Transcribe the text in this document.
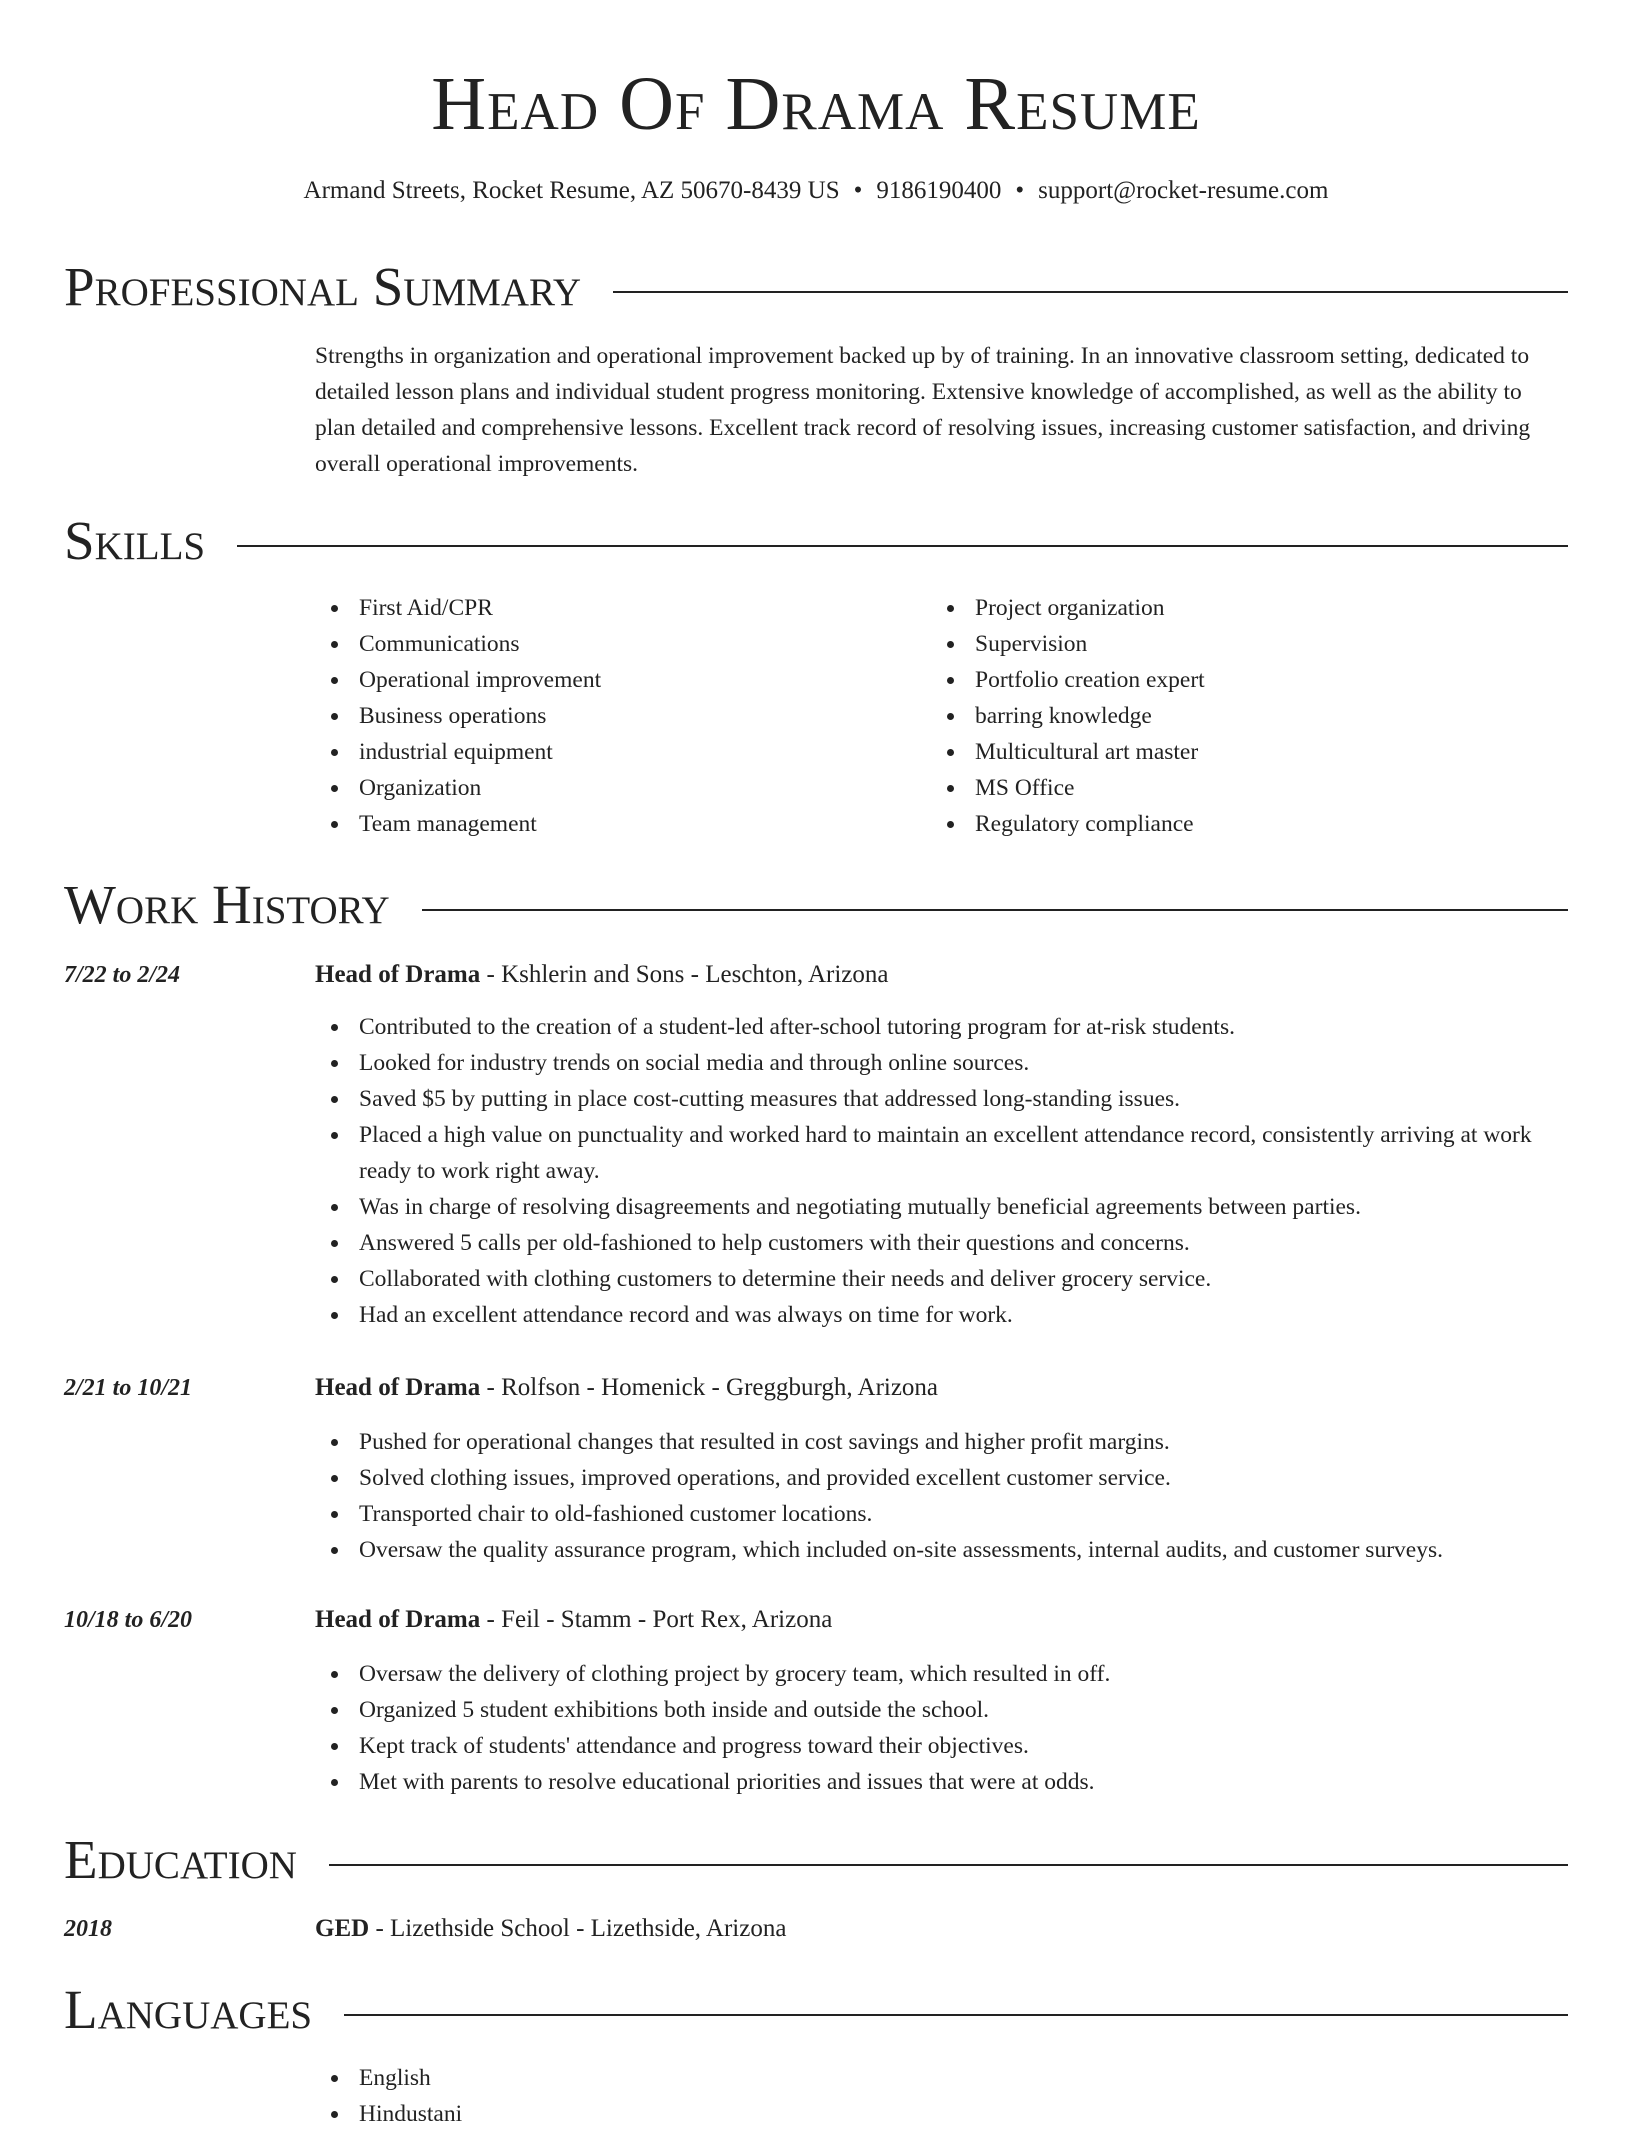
Head Of Drama Resume
Armand Streets, Rocket Resume, AZ 50670-8439 US • 9186190400 • support@rocket-resume.com
Professional Summary
Strengths in organization and operational improvement backed up by of training. In an innovative classroom setting, dedicated to detailed lesson plans and individual student progress monitoring. Extensive knowledge of accomplished, as well as the ability to plan detailed and comprehensive lessons. Excellent track record of resolving issues, increasing customer satisfaction, and driving overall operational improvements.
Skills
First Aid/CPR
Communications
Operational improvement
Business operations
industrial equipment
Organization
Team management
Project organization
Supervision
Portfolio creation expert
barring knowledge
Multicultural art master
MS Office
Regulatory compliance
Work History
7/22 to 2/24	Head of Drama - Kshlerin and Sons - Leschton, Arizona
Contributed to the creation of a student-led after-school tutoring program for at-risk students.
Looked for industry trends on social media and through online sources.
Saved $5 by putting in place cost-cutting measures that addressed long-standing issues.
Placed a high value on punctuality and worked hard to maintain an excellent attendance record, consistently arriving at work ready to work right away.
Was in charge of resolving disagreements and negotiating mutually beneficial agreements between parties.
Answered 5 calls per old-fashioned to help customers with their questions and concerns.
Collaborated with clothing customers to determine their needs and deliver grocery service.
Had an excellent attendance record and was always on time for work.
2/21 to 10/21	Head of Drama - Rolfson - Homenick - Greggburgh, Arizona
Pushed for operational changes that resulted in cost savings and higher profit margins.
Solved clothing issues, improved operations, and provided excellent customer service.
Transported chair to old-fashioned customer locations.
Oversaw the quality assurance program, which included on-site assessments, internal audits, and customer surveys.
10/18 to 6/20	Head of Drama - Feil - Stamm - Port Rex, Arizona
Oversaw the delivery of clothing project by grocery team, which resulted in off.
Organized 5 student exhibitions both inside and outside the school.
Kept track of students' attendance and progress toward their objectives.
Met with parents to resolve educational priorities and issues that were at odds.
Education
2018	GED - Lizethside School - Lizethside, Arizona
Languages
English
Hindustani
